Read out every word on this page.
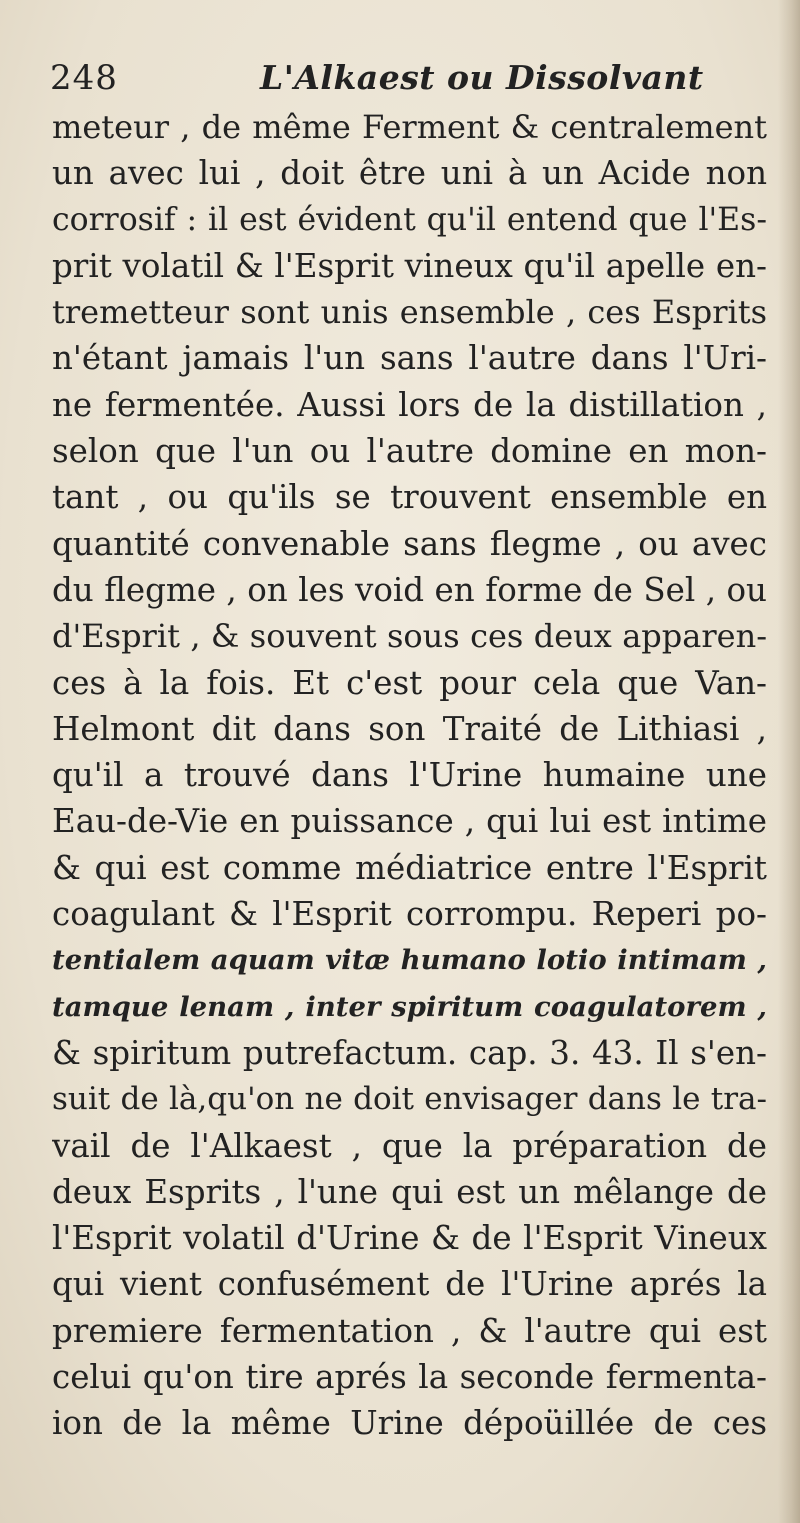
248	L'Alkaest ou Dissolvant
meteur , de même Ferment & centralement
un avec lui , doit être uni à un Acide non
corrosif : il est évident qu'il entend que l'Es-
prit volatil & l'Esprit vineux qu'il apelle en-
tremetteur sont unis ensemble , ces Esprits
n'étant jamais l'un sans l'autre dans l'Uri-
ne fermentée. Aussi lors de la distillation ,
selon que l'un ou l'autre domine en mon-
tant , ou qu'ils se trouvent ensemble en
quantité convenable sans flegme , ou avec
du flegme , on les void en forme de Sel , ou
d'Esprit , & souvent sous ces deux apparen-
ces à la fois. Et c'est pour cela que Van-
Helmont dit dans son Traité de Lithiasi ,
qu'il a trouvé dans l'Urine humaine une
Eau-de-Vie en puissance , qui lui est intime
& qui est comme médiatrice entre l'Esprit
coagulant & l'Esprit corrompu. Reperi po-
tentialem aquam vitæ humano lotio intimam ,
tamque lenam , inter spiritum coagulatorem ,
& spiritum putrefactum. cap. 3. 43. Il s'en-
suit de là,qu'on ne doit envisager dans le tra-
vail de l'Alkaest , que la préparation de
deux Esprits , l'une qui est un mêlange de
l'Esprit volatil d'Urine & de l'Esprit Vineux
qui vient confusément de l'Urine aprés la
premiere fermentation , & l'autre qui est
celui qu'on tire aprés la seconde fermenta-
ion de la même Urine dépoüillée de ces
